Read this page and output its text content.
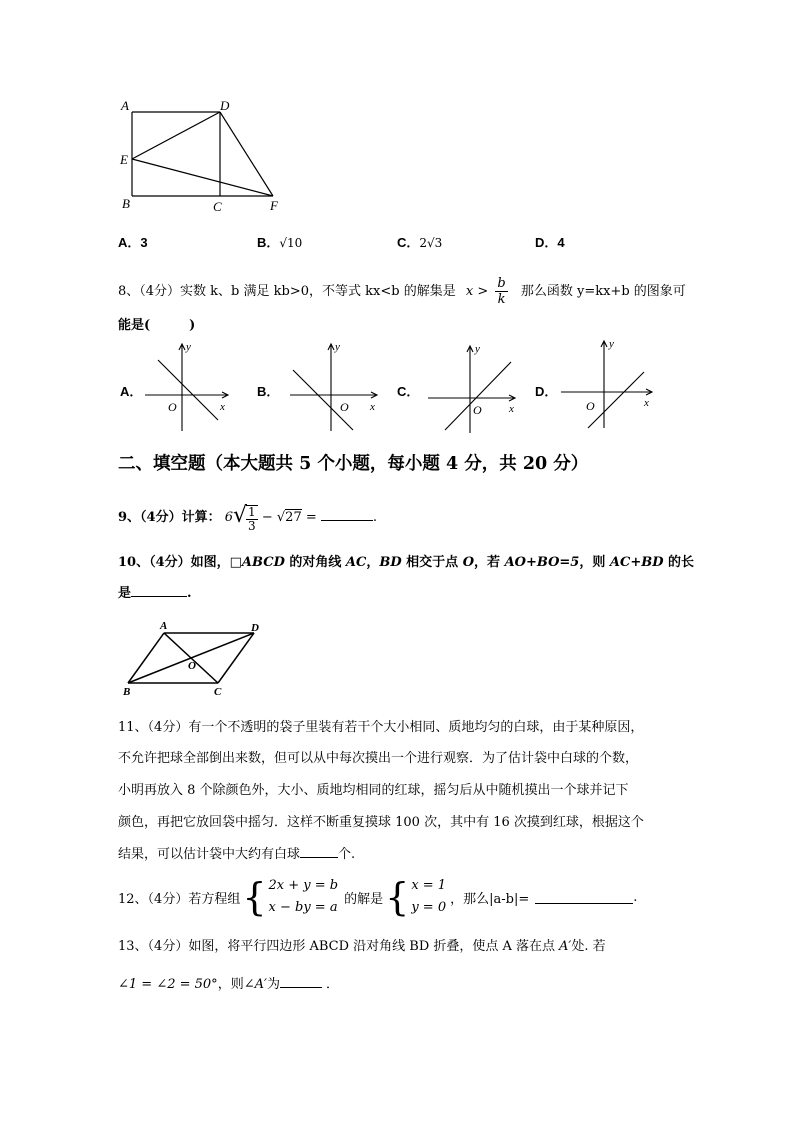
A	D
E
B	C	F
A．3	B．√10	C．2√3	D．4
8、（4分）实数 k、b 满足 kb>0，不等式 kx<b 的解集是 $x > \frac{b}{k}$ 那么函数 y=kx+b 的图象可
能是(　　　)
A．
y
x
O
B．
y
x
O
C．
y
x
O
D．
y
x
O
二、填空题（本大题共 5 个小题，每小题 4 分，共 20 分）
9、（4分）计算： $6√ \frac{1}{3} - √27$ =	.
10、（4分）如图，□ABCD 的对角线 AC，BD 相交于点 O，若 AO+BO=5，则 AC+BD 的长
是	.
A	D
O
B	C
11、（4分）有一个不透明的袋子里装有若干个大小相同、质地均匀的白球，由于某种原因，
不允许把球全部倒出来数，但可以从中每次摸出一个进行观察．为了估计袋中白球的个数，
小明再放入 8 个除颜色外，大小、质地均相同的红球，摇匀后从中随机摸出一个球并记下
颜色，再把它放回袋中摇匀．这样不断重复摸球 100 次，其中有 16 次摸到红球，根据这个
结果，可以估计袋中大约有白球	个.
12、（4分）若方程组 { 2x + y = b
x − by = a
的解是 { x = 1
y = 0
，那么|a-b|=	.
13、（4分）如图，将平行四边形 ABCD 沿对角线 BD 折叠，使点 A 落在点 A′处. 若
∠1 = ∠2 = 50°，则∠A′为	．
